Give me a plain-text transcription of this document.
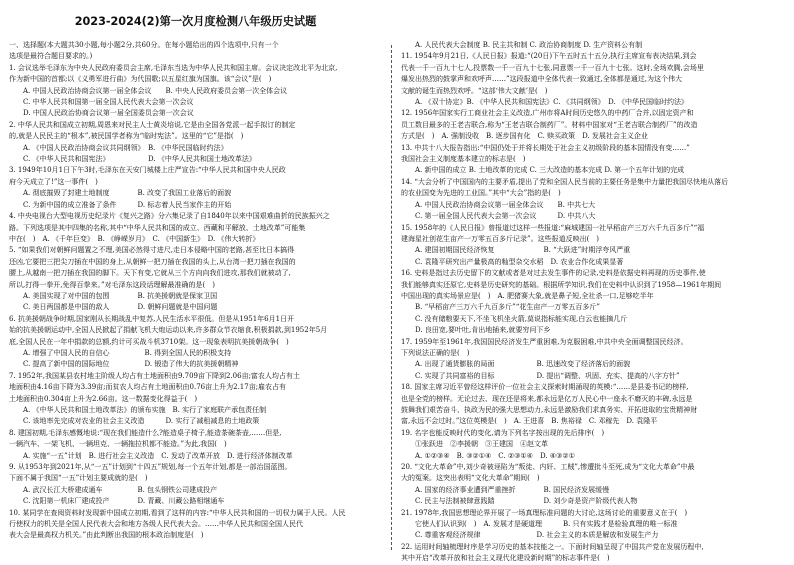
2023-2024(2)第一次月度检测八年级历史试题
一、选择题(本大题共30小题,每小题2分,共60分。在每小题给出的四个选项中,只有一个
选项是最符合题目要求的。)
1. 会议选举毛泽东为中央人民政府委员会主席,毛泽东当选为中华人民共和国主席。会议决定改北平为北京,
作为新中国的首都;以《义勇军进行曲》为代国歌;以五星红旗为国旗。该“会议”是(　)
A. 中国人民政治协商会议第一届全体会议　　B. 中央人民政府委员会第一次全体会议
C. 中华人民共和国第一届全国人民代表大会第一次会议
D. 中国人民政治协商会议第一届全国委员会第一次会议
2. 中华人民共和国成立初期,周恩来对民主人士黄炎培说,它是由全国各党派一起手拟订的制定
的,就是人民民主的“根本”,被民国学者称为“临时宪法”。这里的“它”是指(　)
A. 《中国人民政治协商会议共同纲领》　B. 《中华民国临时约法》
C. 《中华人民共和国宪法》　　　　　　D. 《中华人民共和国土地改革法》
3. 1949年10月1日下午3时,毛泽东在天安门城楼上庄严宣告:“中华人民共和国中央人民政
府今天成立了!”这一事件(　)
A. 彻底摧毁了封建土地制度　　　　B. 改变了我国工业落后的面貌
C. 为新中国的成立准备了条件　　　D. 标志着人民当家作主的开始
4. 中央电视台大型电视历史纪录片《复兴之路》分六集记录了自1840年以来中国艰难曲折的民族振兴之
路。下列选项是其中四集的名称,其中“中华人民共和国的成立、西藏和平解放、土地改革”可能集
中在(　)　A. 《千年巨变》　B. 《峥嵘岁月》　C. 《中国新生》　D. 《伟大转折》
5. “如果我们对朝鲜问题置之不理,美国必然得寸进尺,走日本侵略中国的老路,甚至比日本搞得
还凶,它要把三把尖刀插在中国的身上,从朝鲜一把刀插在我国的头上,从台湾一把刀插在我国的
腰上,从越南一把刀插在我国的脚下。天下有变,它就从三个方向向我们进攻,那我们就被动了,
所以,打得一拳开,免得百拳来。”对毛泽东这段话理解最准确的是(　)
A. 美国实现了对中国的包围　　　　B. 抗美援朝就是保家卫国
C. 美日两国都是中国的敌人　　　　D. 朝鲜问题就是中国问题
6. 抗美援朝战争时期,国家刚从长期战乱中复苏,人民生活水平很低。但是从1951年6月1日开
始的抗美援朝运动中,全国人民掀起了捐献飞机大炮运动以来,许多群众节衣缩食,积极捐款,到1952年5月
底,全国人民在一年中捐款的总额,约计可买战斗机3710架。这一现象表明抗美援朝战争(　)
A. 增强了中国人民的自信心　　　　　B. 得到全国人民的积极支持
C. 提高了新中国的国际地位　　　　　D. 锻造了伟大的抗美援朝精神
7. 1952年,我国某县农村地主阶级人均占有土地面积由9.709亩下降到2.06亩;富农人均占有土
地面积由4.16亩下降为3.39亩;而贫农人均占有土地面积由0.76亩上升为2.17亩;雇农占有
土地面积由0.304亩上升为2.66亩。这一数据变化得益于(　)
A. 《中华人民共和国土地改革法》的颁布实施　B. 实行了家庭联产承包责任制
C. 该地率先完成对农业的社会主义改造　　　D. 实行了减租减息的土地政策
8. 建国初期,毛泽东感慨地说:“现在我们能造什么?能造桌子椅子,能造茶碗茶壶,……但是,
一辆汽车、一架飞机、一辆坦克、一辆拖拉机都不能造。”为此,我国(　)
A. 实施“一五”计划　B. 进行社会主义改造　C. 发动了改革开放　D. 进行经济体制改革
9. 从1953年到2021年,从“一五”计划到“十四五”规划,每一个五年计划,都是一部治国蓝图。
下面不属于我国“一五”计划主要成就的是(　)
A. 武汉长江大桥建成通车　　　　　B. 包头钢铁公司建成投产
C. 沈阳第一机床厂建成投产　　　　D. 青藏、川藏公路相继通车
10. 某同学在查阅资料时发现新中国成立初期,看到了这样的内容:“中华人民共和国的一切权力属于人民。人民
行使权力的机关是全国人民代表大会和地方各级人民代表大会。……中华人民共和国全国人民代
表大会是最高权力机关。”由此判断出我国的根本政治制度是(　)
A. 人民代表大会制度 B. 民主共和制 C. 政治协商制度 D. 生产资料公有制
11. 1954年9月21日,《人民日报》报道:“(20日)下午五时五十五分,执行主席宣布表决结果,到会
代表一千一百九十七人,投票数一千一百九十七张,同意票一千一百九十七张。这时,全场欢腾,会场里
爆发出热烈的鼓掌声和欢呼声……”这段报道中全体代表一致通过,全体都是通过,为这个伟大
文献的诞生而热烈欢呼。“这部‘伟大文献’是(　)
A. 《双十协定》B. 《中华人民共和国宪法》C. 《共同纲领》　D. 《中华民国临时约法》
12. 1956年国家实行工商业社会主义改造,广州市将A时间历史悠久的中药厂合并,以固定资产和
员工数目最多的王老吉联合,称为“王老吉联合制药厂”。材料中国家对“王老吉联合制药厂”的改造
方式是(　)　A. 强制没收　B. 逐步国有化　C. 赎买政策　D. 发展社会主义企业
13. 中共十八大报告指出:“中国仍处于并将长期处于社会主义初级阶段的基本国情没有变……”
我国社会主义制度基本建立的标志是(　)
A. 新中国的成立 B. 土地改革的完成 C. 三大改造的基本完成 D. 第一个五年计划的完成
14. “大会分析了中国国内的主要矛盾,提出了党和全国人民当前的主要任务是集中力量把我国尽快地从落后
的农业国变为先进的工业国。”其中“大会”指的是(　)
A. 中国人民政治协商会议第一届全体会议　　B. 中共七大
C. 第一届全国人民代表大会第一次会议　　　D. 中共八大
15. 1958年的《人民日报》曾报道过这样一些报道:“麻城建国一社早稻亩产三万六千九百多斤”“福
建海星社创花生亩产一万零五百多斤记录”。这些报道反映出(　)
A. 建国初期国民经济恢复　　　　　　　B. “大跃进”时期浮夸风严重
C. 袁隆平研究出产量极高的籼型杂交水稻　D. 农业合作化成果显著
16. 史料是指过去历史留下的文献或者是对过去发生事件的记录,史料是依据史料再现的历史事件,使
我们能够真实还原它,史料是历史研究的基础。根据所学知识,我们在史料中认识到了1958—1961年期间
中国出现的真实场景应是(　)　A. 肥猪赛大象,就是鼻子短,全社杀一口,足够吃半年
B. “早稻亩产三万六千九百多斤”“花生亩产一万零五百多斤”
C. 没有储粮要天下,不坐飞机坐火箭,莫说指标能实现,白云也能摘几斤
D. 良田宽,要叶吐,肯出地插来,就要穷问下乡
17. 1959年至1961年,我国国民经济发生严重困难,为克服困难,中共中央全面调整国民经济。
下列说法正确的是(　)
A. 出现了通货膨胀的局面　　　　　　B. 迅速改变了经济落后的面貌
C. 实现了共同富裕的目标　　　　　　D. 提出“调整、巩固、充实、提高的八字方针”
18. 国家主席习近平曾经这样评价一位社会主义探索时期涌现的英模:“……是县委书记的榜样,
也是全党的榜样。无论过去、现在还是将来,都永远是亿万人民心中一座永不磨灭的丰碑,永远是
鼓舞我们艰苦奋斗、执政为民的强大思想动力,永远是激励我们求真务实、开拓进取的宝贵精神财
富,永远不会过时。”这位英模是(　)　A. 王进喜　B. 焦裕禄　C. 邓稼先　D. 袁隆平
19. 名字也能反映时代的变化,请为下列名字按出现的先后排序(　)
①张跃进　②李援朝　③王建国　④赵文革
A. ①②③④　B. ③②①④　C. ②③①④　D. ④③②①
20. “文化大革命”中,刘少奇被诬陷为“叛徒、内奸、工贼”,惨遭批斗至死,成为“文化大革命”中最
大的冤案。这突出表明“文化大革命”期间(　)
A. 国家的经济事业遭到严重挫折　　　　B. 国民经济发展缓慢
C. 民主与法制被肆意践踏　　　　　　　D. 刘少奇是资产阶级代表人物
21. 1978年,我国思想理论界开展了一场真理标准问题的大讨论,这场讨论的重要意义在于(　)
它使人们认识到(　)　A. 发展才是硬道理　　　B. 只有实践才是检验真理的唯一标准
C. 尊重客观经济规律　　　　　　　　D. 社会主义的本质是解放和发展生产力
22. 运用时间轴梳理时序是学习历史的基本技能之一。下面时间轴呈现了中国共产党在发展历程中,
其中开启“改革开放和社会主义现代化建设新时期”的标志事件是(　)
